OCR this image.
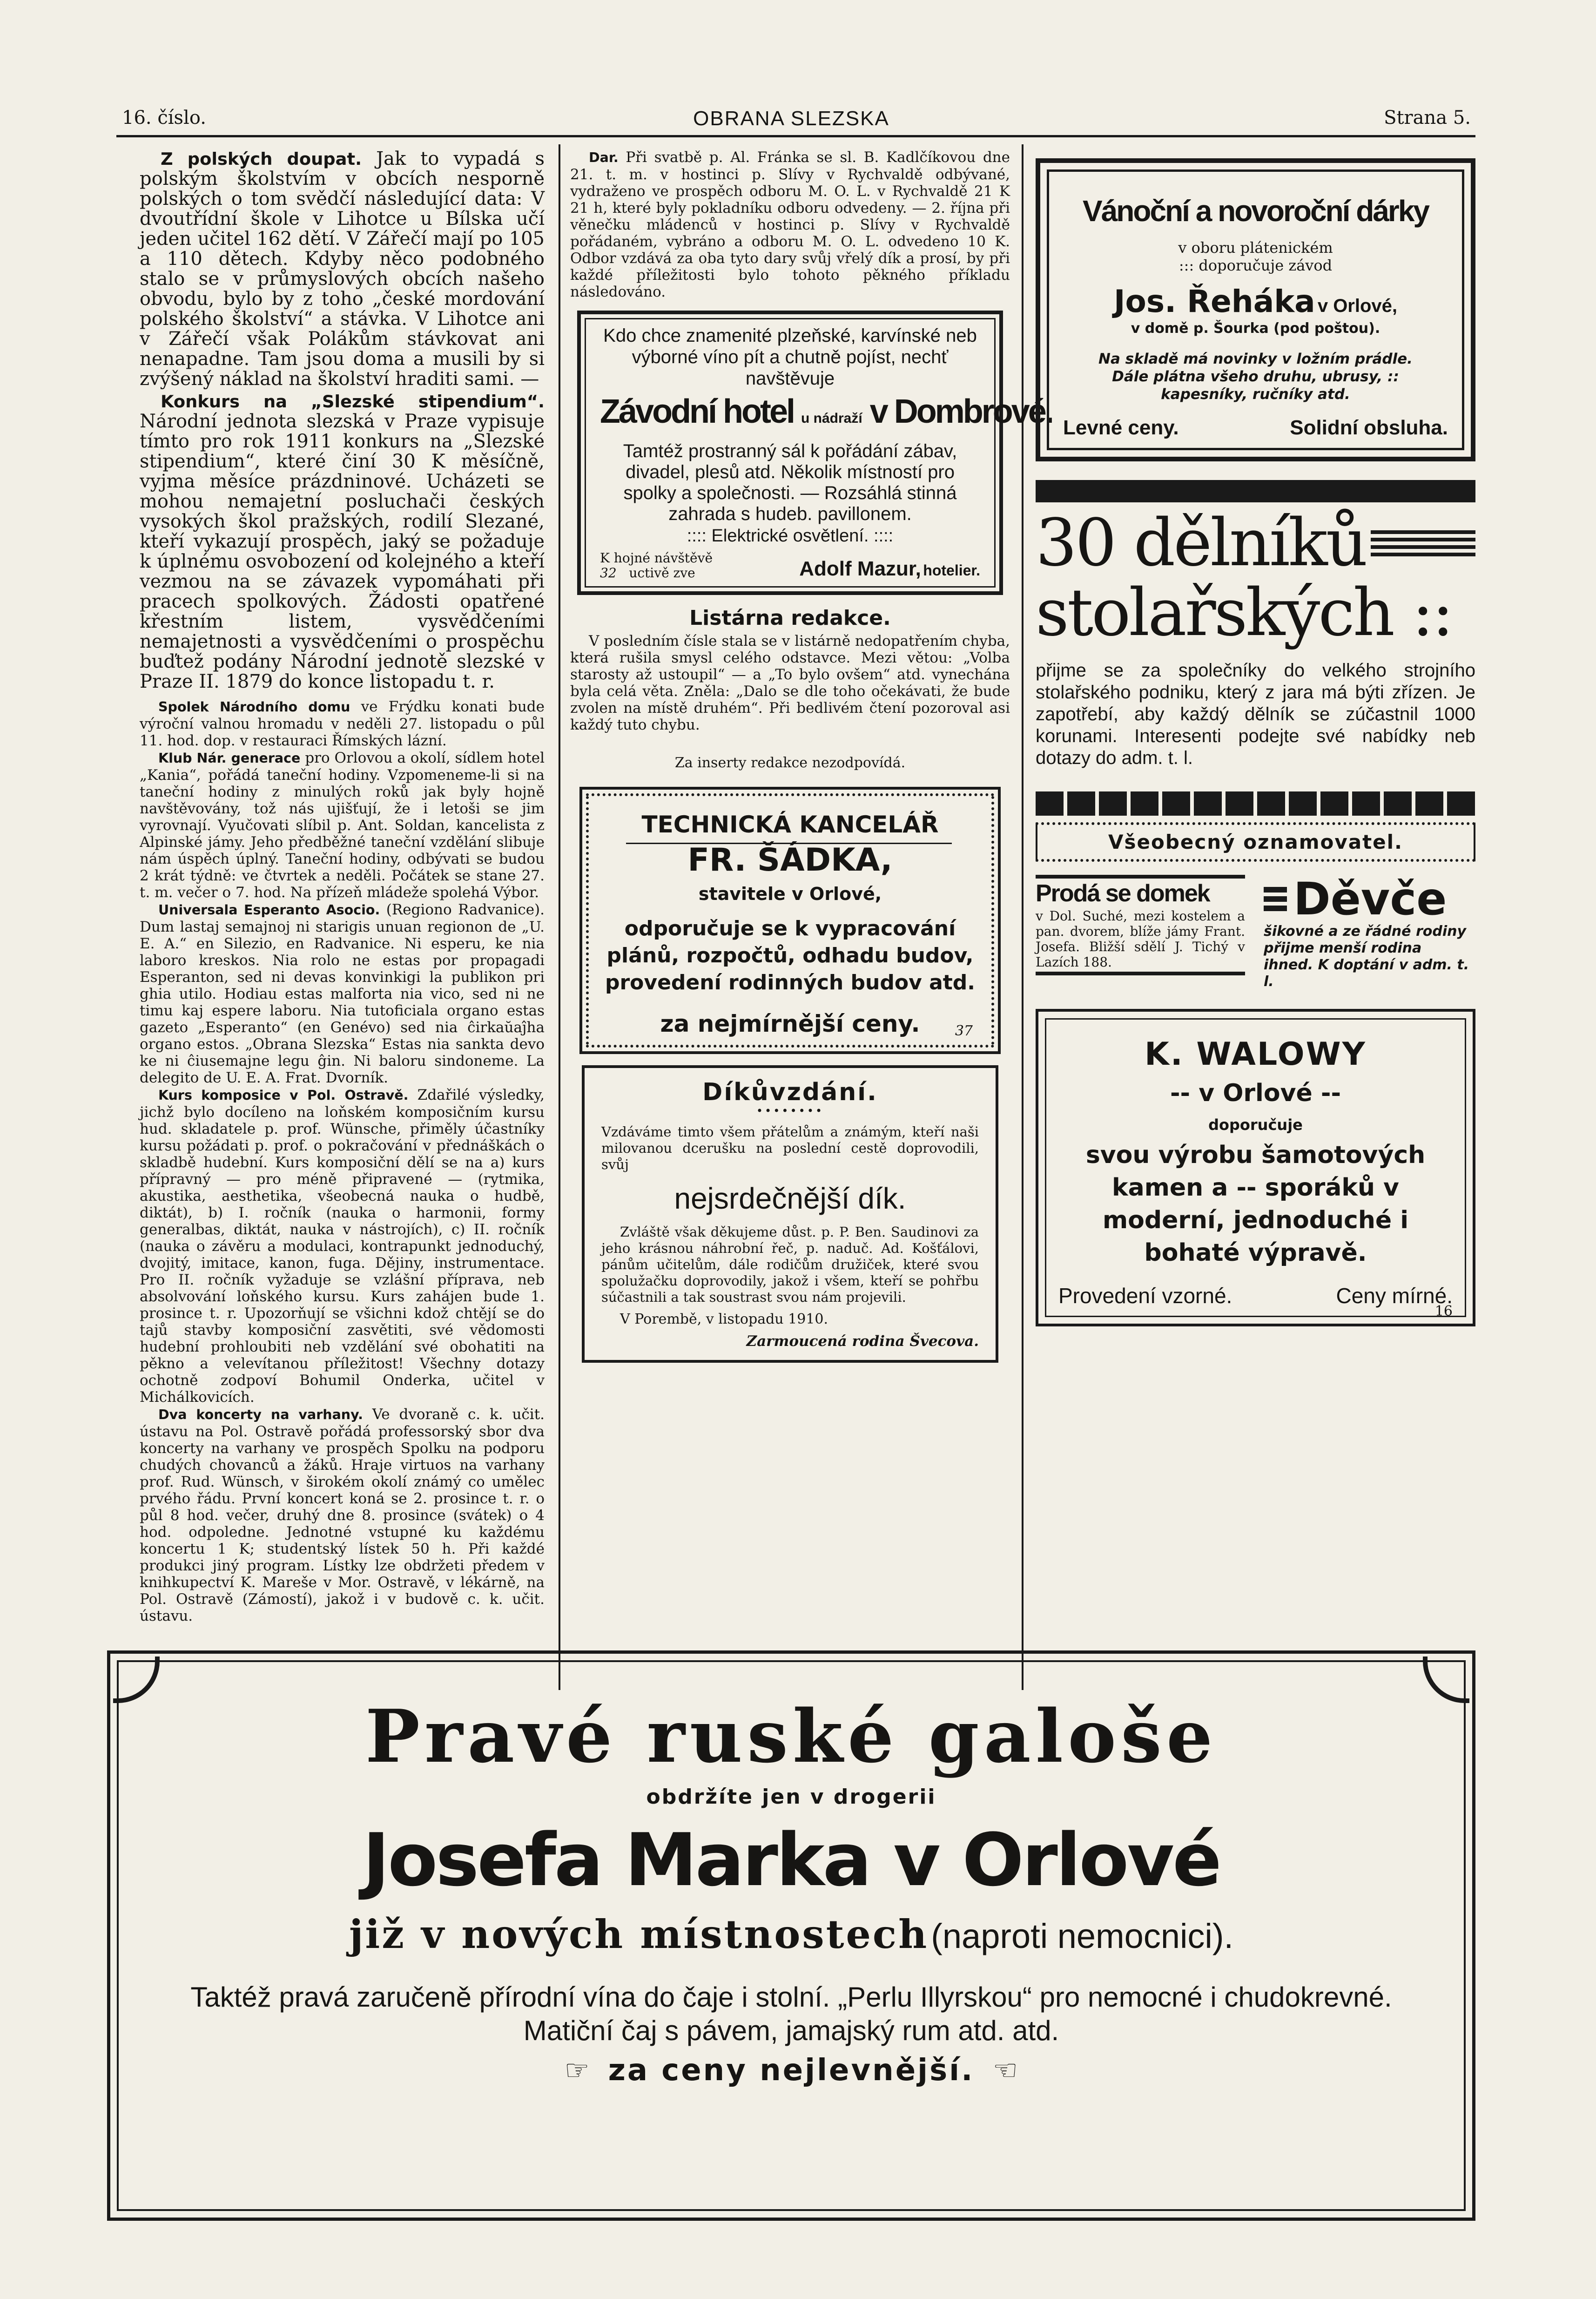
16. číslo.	OBRANA SLEZSKA	Strana 5.

Z polských doupat. Jak to vypadá s polským školstvím v obcích nesporně polských o tom svědčí následující data: V dvoutřídní škole v Lihotce u Bílska učí jeden učitel 162 dětí. V Zářečí mají po 105 a 110 dětech. Kdyby něco podobného stalo se v průmyslových obcích našeho obvodu, bylo by z toho „české mordování polského školství“ a stávka. V Lihotce ani v Zářečí však Polákům stávkovat ani nenapadne. Tam jsou doma a musili by si zvýšený náklad na školství hraditi sami. —

Konkurs na „Slezské stipendium“. Národní jednota slezská v Praze vypisuje tímto pro rok 1911 konkurs na „Slezské stipendium“, které činí 30 K měsíčně, vyjma měsíce prázdninové. Ucházeti se mohou nemajetní posluchači českých vysokých škol pražských, rodilí Slezané, kteří vykazují prospěch, jaký se požaduje k úplnému osvobození od kolejného a kteří vezmou na se závazek vypomáhati při pracech spolkových. Žádosti opatřené křestním listem, vysvědčeními nemajetnosti a vysvědčeními o prospěchu buďtež podány Národní jednotě slezské v Praze II. 1879 do konce listopadu t. r.

Spolek Národního domu ve Frýdku konati bude výroční valnou hromadu v neděli 27. listopadu o půl 11. hod. dop. v restauraci Římských lázní.

Klub Nár. generace pro Orlovou a okolí, sídlem hotel „Kania“, pořádá taneční hodiny. Vzpomeneme-li si na taneční hodiny z minulých roků jak byly hojně navštěvovány, tož nás ujišťují, že i letoši se jim vyrovnají. Vyučovati slíbil p. Ant. Soldan, kancelista z Alpinské jámy. Jeho předběžné taneční vzdělání slibuje nám úspěch úplný. Taneční hodiny, odbývati se budou 2 krát týdně: ve čtvrtek a neděli. Počátek se stane 27. t. m. večer o 7. hod. Na přízeň mládeže spolehá Výbor.

Universala Esperanto Asocio. (Regiono Radvanice). Dum lastaj semajnoj ni starigis unuan regionon de „U. E. A.“ en Silezio, en Radvanice. Ni esperu, ke nia laboro kreskos. Nia rolo ne estas por propagadi Esperanton, sed ni devas konvinkigi la publikon pri ghia utilo. Hodiau estas malforta nia vico, sed ni ne timu kaj espere laboru. Nia tutoficiala organo estas gazeto „Esperanto“ (en Genévo) sed nia ĉirkaŭaĵha organo estos. „Obrana Slezska“ Estas nia sankta devo ke ni ĉiusemajne legu ĝin. Ni baloru sindoneme. La delegito de U. E. A. Frat. Dvorník.

Kurs komposice v Pol. Ostravě. Zdařilé výsledky, jichž bylo docíleno na loňském komposičním kursu hud. skladatele p. prof. Wünsche, přiměly účastníky kursu požádati p. prof. o pokračování v přednáškách o skladbě hudební. Kurs komposiční dělí se na a) kurs přípravný — pro méně připravené — (rytmika, akustika, aesthetika, všeobecná nauka o hudbě, diktát), b) I. ročník (nauka o harmonii, formy generalbas, diktát, nauka v nástrojích), c) II. ročník (nauka o závěru a modulaci, kontrapunkt jednoduchý, dvojitý, imitace, kanon, fuga. Dějiny, instrumentace. Pro II. ročník vyžaduje se vzlášní příprava, neb absolvování loňského kursu. Kurs zahájen bude 1. prosince t. r. Upozorňují se všichni kdož chtějí se do tajů stavby komposiční zasvětiti, své vědomosti hudební prohloubiti neb vzdělání své obohatiti na pěkno a velevítanou příležitost! Všechny dotazy ochotně zodpoví Bohumil Onderka, učitel v Michálkovicích.

Dva koncerty na varhany. Ve dvoraně c. k. učit. ústavu na Pol. Ostravě pořádá professorský sbor dva koncerty na varhany ve prospěch Spolku na podporu chudých chovanců a žáků. Hraje virtuos na varhany prof. Rud. Wünsch, v širokém okolí známý co umělec prvého řádu. První koncert koná se 2. prosince t. r. o půl 8 hod. večer, druhý dne 8. prosince (svátek) o 4 hod. odpoledne. Jednotné vstupné ku každému koncertu 1 K; studentský lístek 50 h. Při každé produkci jiný program. Lístky lze obdržeti předem v knihkupectví K. Mareše v Mor. Ostravě, v lékárně, na Pol. Ostravě (Zámostí), jakož i v budově c. k. učit. ústavu.

Dar. Při svatbě p. Al. Fránka se sl. B. Kadlčíkovou dne 21. t. m. v hostinci p. Slívy v Rychvaldě odbývané, vydraženo ve prospěch odboru M. O. L. v Rychvaldě 21 K 21 h, které byly pokladníku odboru odvedeny. — 2. října při věnečku mládenců v hostinci p. Slívy v Rychvaldě pořádaném, vybráno a odboru M. O. L. odvedeno 10 K. Odbor vzdává za oba tyto dary svůj vřelý dík a prosí, by při každé příležitosti bylo tohoto pěkného příkladu následováno.

Kdo chce znamenité plzeňské, karvínské neb výborné víno pít a chutně pojíst, nechť navštěvuje
Závodní hotel u nádraží v Dombrové.
Tamtéž prostranný sál k pořádání zábav, divadel, plesů atd. Několik místností pro spolky a společnosti. — Rozsáhlá stinná zahrada s hudeb. pavillonem.
:::: Elektrické osvětlení. ::::
K hojné návštěvě
32 uctivě zve	Adolf Mazur, hotelier.
Listárna redakce.

V posledním čísle stala se v listárně nedopatřením chyba, která rušila smysl celého odstavce. Mezi větou: „Volba starosty až ustoupil“ — a „To bylo ovšem“ atd. vynechána byla celá věta. Zněla: „Dalo se dle toho očekávati, že bude zvolen na místě druhém“. Při bedlivém čtení pozoroval asi každý tuto chybu.

Za inserty redakce nezodpovídá.
TECHNICKÁ KANCELÁŘ
FR. ŠÁDKA,
stavitele v Orlové,
odporučuje se k vypracování plánů, rozpočtů, odhadu budov, provedení rodinných budov atd.
za nejmírnější ceny.	37
Díkůvzdání.
••••••••
Vzdáváme timto všem přátelům a známým, kteří naši milovanou dcerušku na poslední cestě doprovodili, svůj
nejsrdečnější dík.
Zvláště však děkujeme důst. p. P. Ben. Saudinovi za jeho krásnou náhrobní řeč, p. naduč. Ad. Košťálovi, pánům učitelům, dále rodičům družiček, které svou spolužačku doprovodily, jakož i všem, kteří se pohřbu súčastnili a tak soustrast svou nám projevili.
V Porembě, v listopadu 1910.
Zarmoucená rodina Švecova.
Vánoční a novoroční dárky
v oboru plátenickém
::: doporučuje závod
Jos. Řeháka v Orlové,
v domě p. Šourka (pod poštou).
Na skladě má novinky v ložním prádle. Dále plátna všeho druhu, ubrusy, :: kapesníky, ručníky atd.
Levné ceny.	Solidní obsluha.
30 dělníků
stolařských ::
přijme se za společníky do velkého strojního stolařského podniku, který z jara má býti zřízen. Je zapotřebí, aby každý dělník se zúčastnil 1000 korunami. Interesenti podejte své nabídky neb dotazy do adm. t. l.
Všeobecný oznamovatel.
Prodá se domek
v Dol. Suché, mezi kostelem a pan. dvorem, blíže jámy Frant. Josefa. Bližší sdělí J. Tichý v Lazích 188.
Děvče
šikovné a ze řádné rodiny přijme menší rodina ihned. K doptání v adm. t. l.
K. WALOWY
-- v Orlové --
doporučuje
svou výrobu šamotových kamen a -- sporáků v moderní, jednoduché i bohaté výpravě.
Provedení vzorné.	Ceny mírné.
16
Pravé ruské galoše
obdržíte jen v drogerii
Josefa Marka v Orlové
již v nových místnostech (naproti nemocnici).
Taktéž pravá zaručeně přírodní vína do čaje i stolní. „Perlu Illyrskou“ pro nemocné i chudokrevné. Matiční čaj s pávem, jamajský rum atd. atd.
☞ za ceny nejlevnější. ☞
